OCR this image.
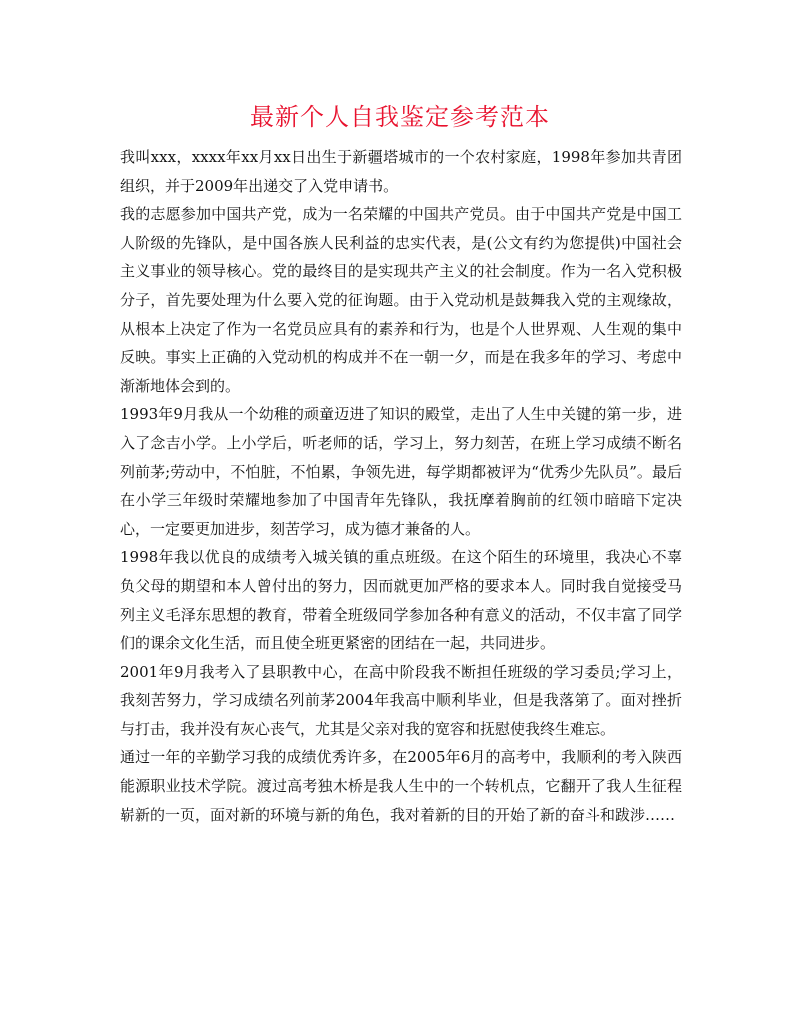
最新个人自我鉴定参考范本

我叫xxx，xxxx年xx月xx日出生于新疆塔城市的一个农村家庭，1998年参加共青团组织，并于2009年出递交了入党申请书。

我的志愿参加中国共产党，成为一名荣耀的中国共产党员。由于中国共产党是中国工人阶级的先锋队，是中国各族人民利益的忠实代表，是(公文有约为您提供)中国社会主义事业的领导核心。党的最终目的是实现共产主义的社会制度。作为一名入党积极分子，首先要处理为什么要入党的征询题。由于入党动机是鼓舞我入党的主观缘故，从根本上决定了作为一名党员应具有的素养和行为，也是个人世界观、人生观的集中反映。事实上正确的入党动机的构成并不在一朝一夕，而是在我多年的学习、考虑中渐渐地体会到的。

1993年9月我从一个幼稚的顽童迈进了知识的殿堂，走出了人生中关键的第一步，进入了念吉小学。上小学后，听老师的话，学习上，努力刻苦，在班上学习成绩不断名列前茅;劳动中，不怕脏，不怕累，争领先进，每学期都被评为“优秀少先队员”。最后在小学三年级时荣耀地参加了中国青年先锋队，我抚摩着胸前的红领巾暗暗下定决心，一定要更加进步，刻苦学习，成为德才兼备的人。

1998年我以优良的成绩考入城关镇的重点班级。在这个陌生的环境里，我决心不辜负父母的期望和本人曾付出的努力，因而就更加严格的要求本人。同时我自觉接受马列主义毛泽东思想的教育，带着全班级同学参加各种有意义的活动，不仅丰富了同学们的课余文化生活，而且使全班更紧密的团结在一起，共同进步。

2001年9月我考入了县职教中心，在高中阶段我不断担任班级的学习委员;学习上，我刻苦努力，学习成绩名列前茅2004年我高中顺利毕业，但是我落第了。面对挫折与打击，我并没有灰心丧气，尤其是父亲对我的宽容和抚慰使我终生难忘。

通过一年的辛勤学习我的成绩优秀许多，在2005年6月的高考中，我顺利的考入陕西能源职业技术学院。渡过高考独木桥是我人生中的一个转机点，它翻开了我人生征程崭新的一页，面对新的环境与新的角色，我对着新的目的开始了新的奋斗和跋涉……
